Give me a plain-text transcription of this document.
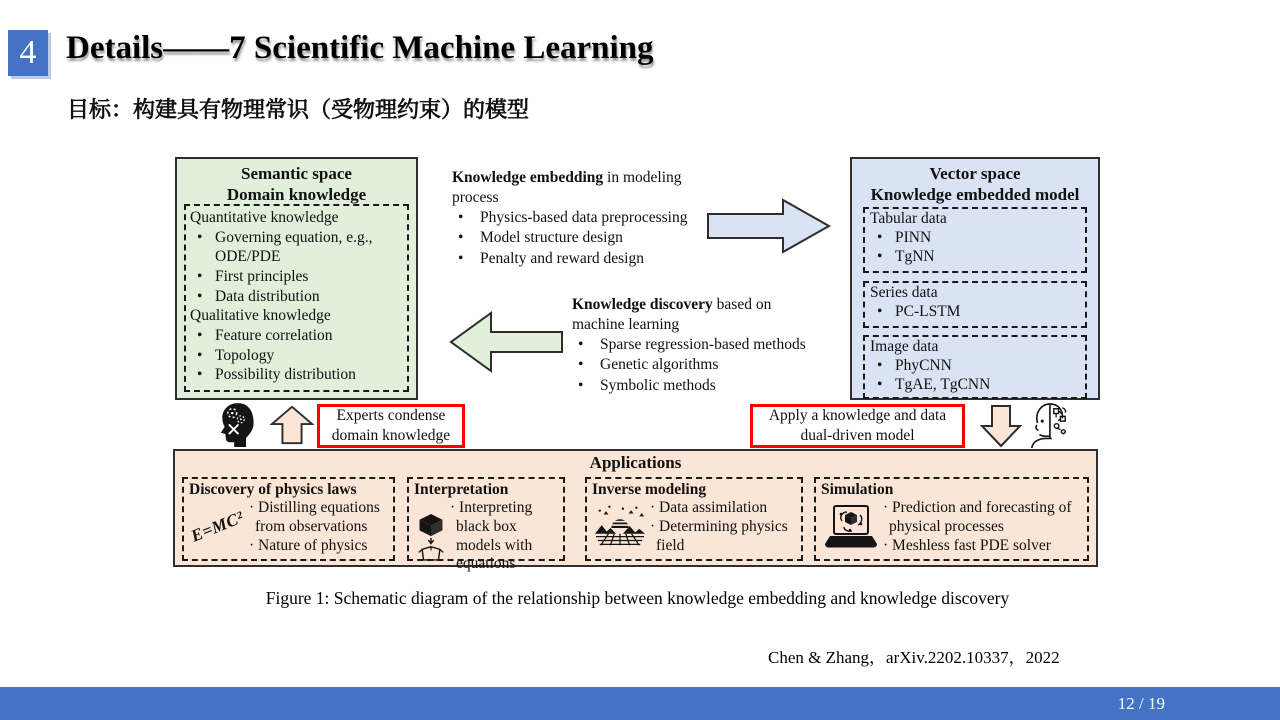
4 Details——7 Scientific Machine Learning
目标：构建具有物理常识（受物理约束）的模型
Semantic space
Domain knowledge
Quantitative knowledge
• Governing equation, e.g., ODE/PDE
• First principles
• Data distribution
Qualitative knowledge
• Feature correlation
• Topology
• Possibility distribution
Vector space
Knowledge embedded model
Tabular data
• PINN
• TgNN
Series data
• PC-LSTM
Image data
• PhyCNN
• TgAE, TgCNN
Knowledge embedding in modeling
process
• Physics-based data preprocessing
• Model structure design
• Penalty and reward design
Knowledge discovery based on
machine learning
• Sparse regression-based methods
• Genetic algorithms
• Symbolic methods
Experts condense domain knowledge
Apply a knowledge and data dual-driven model
Applications
Discovery of physics laws
E=MC² · Distilling equations from observations
· Nature of physics
Interpretation
· Interpreting black box models with equations
Inverse modeling
· Data assimilation
· Determining physics field
Simulation
· Prediction and forecasting of physical processes
· Meshless fast PDE solver
Figure 1: Schematic diagram of the relationship between knowledge embedding and knowledge discovery
Chen & Zhang，arXiv.2202.10337，2022
12 / 19
